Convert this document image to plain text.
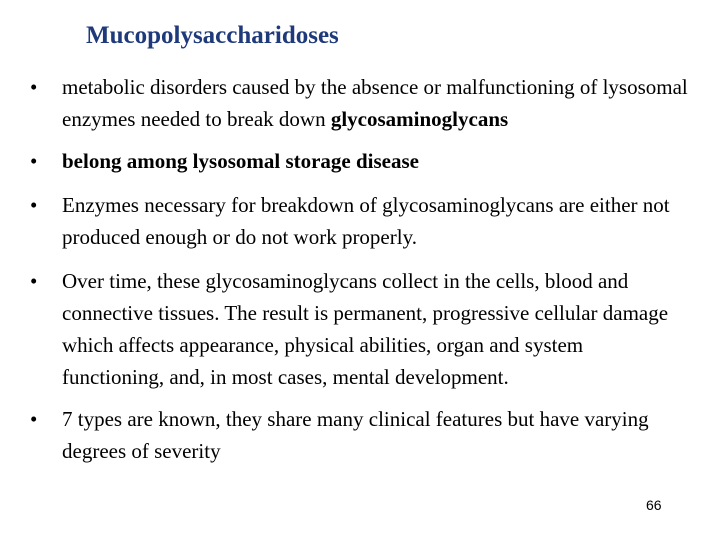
Mucopolysaccharidoses
• metabolic disorders caused by the absence or malfunctioning of lysosomal enzymes needed to break down glycosaminoglycans
• belong among lysosomal storage disease
• Enzymes necessary for breakdown of glycosaminoglycans are either not produced enough or do not work properly.
• Over time, these glycosaminoglycans collect in the cells, blood and connective tissues. The result is permanent, progressive cellular damage which affects appearance, physical abilities, organ and system functioning, and, in most cases, mental development.
• 7 types are known, they share many clinical features but have varying degrees of severity
66
